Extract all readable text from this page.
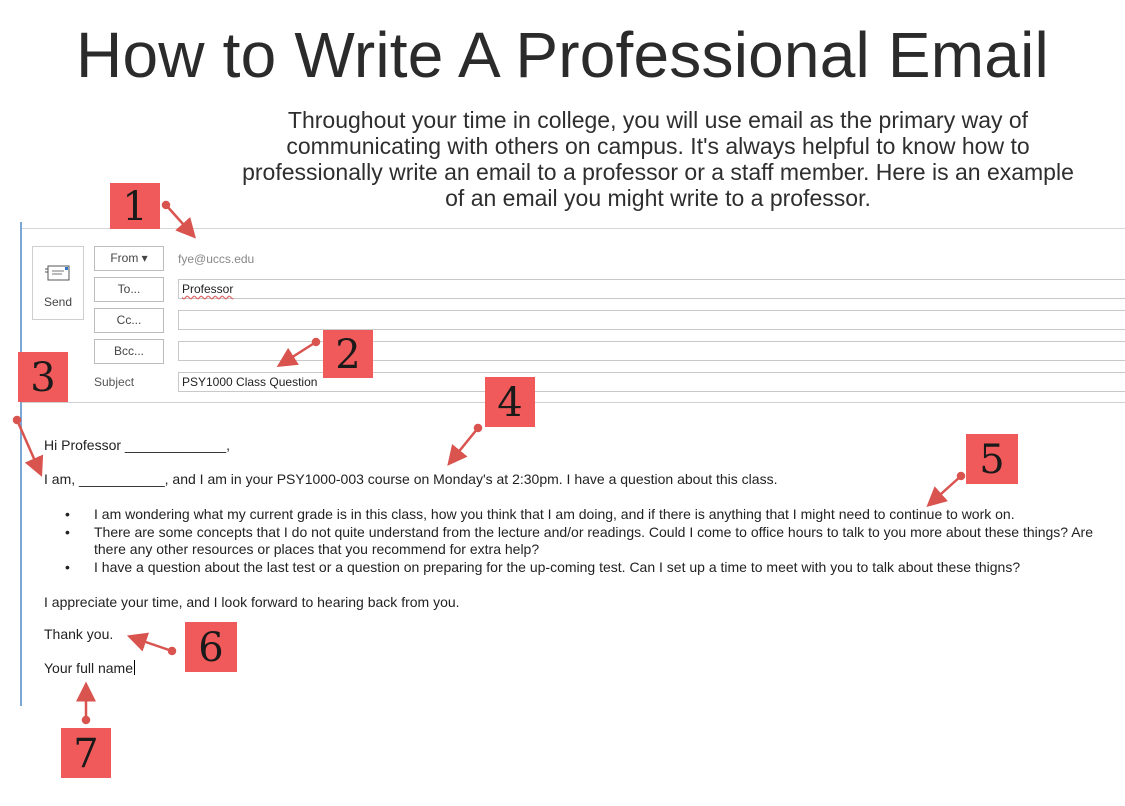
How to Write A Professional Email
Throughout your time in college, you will use email as the primary way of communicating with others on campus. It's always helpful to know how to professionally write an email to a professor or a staff member. Here is an example of an email you might write to a professor.
Send
From ▾	fye@uccs.edu
To...	Professor
Cc...
Bcc...
Subject	PSY1000 Class Question
Hi Professor _____________,
I am, ___________, and I am in your PSY1000-003 course on Monday's at 2:30pm. I have a question about this class.
• I am wondering what my current grade is in this class, how you think that I am doing, and if there is anything that I might need to continue to work on.
• There are some concepts that I do not quite understand from the lecture and/or readings. Could I come to office hours to talk to you more about these things? Are there any other resources or places that you recommend for extra help?
• I have a question about the last test or a question on preparing for the up-coming test. Can I set up a time to meet with you to talk about these thigns?
I appreciate your time, and I look forward to hearing back from you.
Thank you.
Your full name
1
2
3
4
5
6
7
